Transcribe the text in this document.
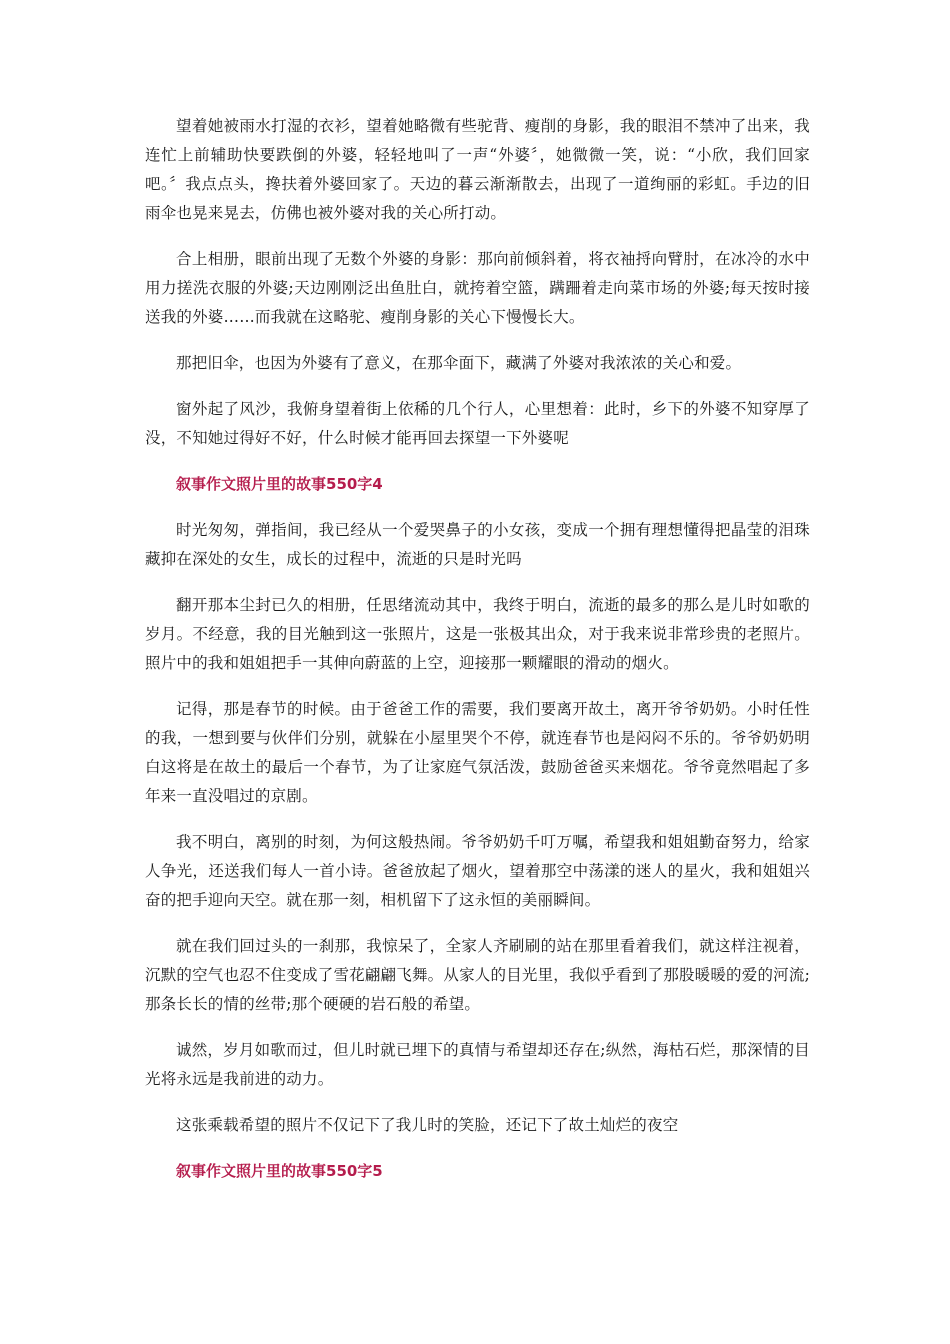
望着她被雨水打湿的衣衫，望着她略微有些驼背、瘦削的身影，我的眼泪不禁冲了出来，我连忙上前辅助快要跌倒的外婆，轻轻地叫了一声“外婆〞，她微微一笑，说：“小欣，我们回家吧。〞我点点头，搀扶着外婆回家了。天边的暮云渐渐散去，出现了一道绚丽的彩虹。手边的旧雨伞也晃来晃去，仿佛也被外婆对我的关心所打动。

合上相册，眼前出现了无数个外婆的身影：那向前倾斜着，将衣袖捋向臂肘，在冰冷的水中用力搓洗衣服的外婆;天边刚刚泛出鱼肚白，就挎着空篮，蹒跚着走向菜市场的外婆;每天按时接送我的外婆……而我就在这略驼、瘦削身影的关心下慢慢长大。

那把旧伞，也因为外婆有了意义，在那伞面下，藏满了外婆对我浓浓的关心和爱。

窗外起了风沙，我俯身望着街上依稀的几个行人，心里想着：此时，乡下的外婆不知穿厚了没，不知她过得好不好，什么时候才能再回去探望一下外婆呢

叙事作文照片里的故事550字4

时光匆匆，弹指间，我已经从一个爱哭鼻子的小女孩，变成一个拥有理想懂得把晶莹的泪珠藏抑在深处的女生，成长的过程中，流逝的只是时光吗

翻开那本尘封已久的相册，任思绪流动其中，我终于明白，流逝的最多的那么是儿时如歌的岁月。不经意，我的目光触到这一张照片，这是一张极其出众，对于我来说非常珍贵的老照片。照片中的我和姐姐把手一其伸向蔚蓝的上空，迎接那一颗耀眼的滑动的烟火。

记得，那是春节的时候。由于爸爸工作的需要，我们要离开故土，离开爷爷奶奶。小时任性的我，一想到要与伙伴们分别，就躲在小屋里哭个不停，就连春节也是闷闷不乐的。爷爷奶奶明白这将是在故土的最后一个春节，为了让家庭气氛活泼，鼓励爸爸买来烟花。爷爷竟然唱起了多年来一直没唱过的京剧。

我不明白，离别的时刻，为何这般热闹。爷爷奶奶千叮万嘱，希望我和姐姐勤奋努力，给家人争光，还送我们每人一首小诗。爸爸放起了烟火，望着那空中荡漾的迷人的星火，我和姐姐兴奋的把手迎向天空。就在那一刻，相机留下了这永恒的美丽瞬间。

就在我们回过头的一刹那，我惊呆了，全家人齐刷刷的站在那里看着我们，就这样注视着，沉默的空气也忍不住变成了雪花翩翩飞舞。从家人的目光里，我似乎看到了那股暖暖的爱的河流;那条长长的情的丝带;那个硬硬的岩石般的希望。

诚然，岁月如歌而过，但儿时就已埋下的真情与希望却还存在;纵然，海枯石烂，那深情的目光将永远是我前进的动力。

这张乘载希望的照片不仅记下了我儿时的笑脸，还记下了故土灿烂的夜空

叙事作文照片里的故事550字5
